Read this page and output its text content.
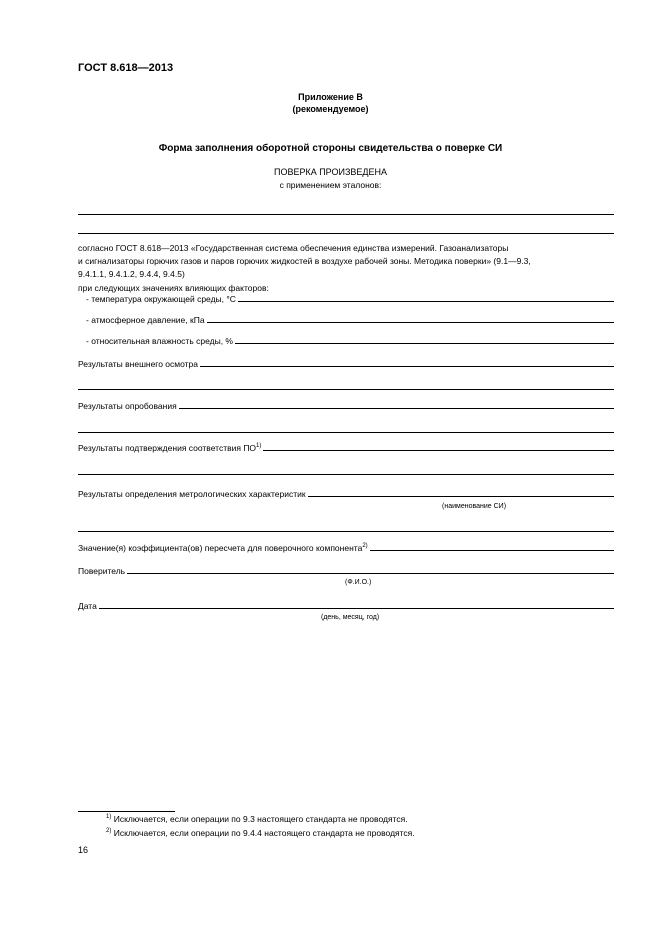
ГОСТ 8.618—2013
Приложение В
(рекомендуемое)
Форма заполнения оборотной стороны свидетельства о поверке СИ
ПОВЕРКА ПРОИЗВЕДЕНА
с применением эталонов:
согласно ГОСТ 8.618—2013 «Государственная система обеспечения единства измерений. Газоанализаторы
и сигнализаторы горючих газов и паров горючих жидкостей в воздухе рабочей зоны. Методика поверки» (9.1—9.3,
9.4.1.1, 9.4.1.2, 9.4.4, 9.4.5)
при следующих значениях влияющих факторов:
- температура окружающей среды, °С
- атмосферное давление, кПа
- относительная влажность среды, %
Результаты внешнего осмотра
Результаты опробования
Результаты подтверждения соответствия ПО$^{1)}$
Результаты определения метрологических характеристик
(наименование СИ)
Значение(я) коэффициента(ов) пересчета для поверочного компонента$^{2)}$
Поверитель
(Ф.И.О.)
Дата
(день, месяц, год)
$^{1)}$ Исключается, если операции по 9.3 настоящего стандарта не проводятся.
$^{2)}$ Исключается, если операции по 9.4.4 настоящего стандарта не проводятся.
16
